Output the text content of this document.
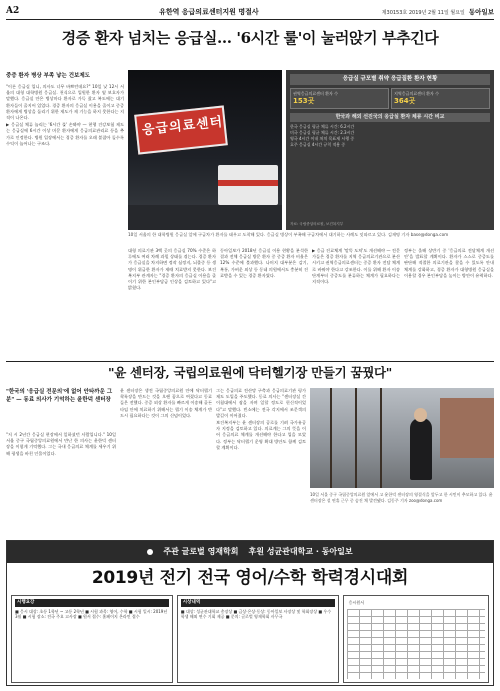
A2	유한역 응급의료센터지원 명절사	제30153호 2019년 2월 11일 월요일 동아일보
경증 환자 넘치는 응급실… '6시간 룰'이 눌러앉기 부추긴다
중증 환자 병상 부족 낳는 건보제도

"이른 응급실 입니, 의사도 너무 바쁘던데요?" 10일 낮 12시 서울의 대형 대학병원 응급실. 천식으로 입원한 환자 옆 보호자가 말했다. 응급실 안은 병상마다 환자로 가득 찼고 복도에는 대기 환자들이 줄지어 있었다. 경증 환자의 응급실 이용을 줄이고 중증 환자에게 병상을 돌리기 위한 제도가 제 기능을 하지 못한다는 지적이 나온다.

▶ 응급실 체류 늘리는 '6시간 룰' 손봐야 — 현행 건강보험 제도는 응급실에 6시간 이상 머문 환자에게 응급의료관리료 등을 추가로 인정한다. 병원 입장에서는 경증 환자를 오래 붙잡아 둘수록 수익이 늘어나는 구조다.

응급의료센터
응급실 규모별 취약 응급질환 환자 현황
권역응급의료센터 환자 수
153곳
지역응급의료센터 환자 수
364곳
한국과 해외 선진국의 응급실 환자 체류 시간 비교
한국 응급실 평균 체류 시간: 6.2시간
미국 응급실 평균 체류 시간: 2.3시간
영국 4시간 이내 처치 목표제 시행 중
호주 응급실 4시간 규칙 적용 중
자료: 국립중앙의료원, 보건복지부
10일 서울의 한 대학병원 응급실 앞에 구급차가 환자를 태우고 도착해 있다. 응급실 병상이 부족해 구급차에서 대기하는 사례도 잇따르고 있다. 김재명 기자 base@donga.com

대형 의료기관 3백 곳의 응급실 70% 수준은 하루에도 여러 차례 과밀 상태를 겪는다. 경증 환자가 응급실을 차지하면 정작 심정지, 뇌졸중 등 생명이 위급한 환자가 제때 치료받지 못한다. 보건복지부 관계자는 "경증 환자의 응급실 이용을 줄이기 위한 본인부담금 인상을 검토하고 있다"고 밝혔다.

동아일보가 2018년 응급실 이용 현황을 분석한 결과 전체 응급실 방문 환자 중 중증 환자 비율은 12% 수준에 불과했다. 나머지 대부분은 감기, 복통, 가벼운 외상 등 동네 의원에서도 충분히 진료받을 수 있는 경증 환자였다.

▶ 응급 진료체계 '말뚝 도처'도 개선해야 — 전문가들은 경증 환자를 지역 응급의료기관으로 분산시키고 권역응급의료센터는 중증 환자 전담 체계로 바꿔야 한다고 강조한다. 이를 위해 환자 이송 단계부터 중증도를 분류하는 체계가 필요하다는 지적이다.

정부는 올해 상반기 중 '응급의료 전달체계 개선안'을 발표할 계획이다. 환자가 스스로 중증도를 판단해 적절한 의료기관을 찾을 수 있도록 안내 체계를 강화하고, 경증 환자가 대형병원 응급실을 이용할 경우 본인부담을 높이는 방안이 유력하다.

"윤 센터장, 국립의료원에 닥터헬기장 만들기 꿈꿨다"
"한국의 '응급실 전문의'에 없어 안타까운 그분" — 동료 의사가 기억하는 윤한덕 센터장

"저 시 2년간 응급실 현장에서 일하셨던 사람입니다." 10일 서울 중구 국립중앙의료원에서 만난 한 의사는 윤한덕 센터장을 이렇게 기억했다. 그는 국내 응급의료 체계를 세우기 위해 평생을 바친 인물이었다.

윤 센터장은 생전 국립중앙의료원 안에 닥터헬기 착륙장을 만드는 것을 오랜 꿈으로 여겼다고 동료들은 전했다. 중증 외상 환자를 빠르게 이송해 골든타임 안에 치료하기 위해서는 헬기 이송 체계가 반드시 필요하다는 것이 그의 신념이었다.

그는 응급의료 전산망 구축과 응급의료기관 평가 제도 도입을 주도했다. 동료 의사는 "센터장실 간이침대에서 잠을 자며 일할 정도로 헌신적이었다"고 말했다. 빈소에는 전국 각지에서 조문객의 발길이 이어졌다.

보건복지부는 윤 센터장의 공로를 기려 국가유공자 지정을 검토하고 있다. 의료계는 그의 뜻을 이어 응급의료 체계를 개선해야 한다고 입을 모았다. 정부는 닥터헬기 운영 확대 방안도 함께 검토할 계획이다.

10일 서울 중구 국립중앙의료원 앞에서 고 윤한덕 센터장의 영결식을 앞두고 한 시민이 추모하고 있다. 윤 센터장은 설 연휴 근무 중 숨진 채 발견됐다. 김동주 기자 zoo@donga.com
주관 글로벌 영재학회 후원 성균관대학교 · 동아일보
2019년 전기 전국 영어/수학 학력경시대회
시행요강
■ 응시 대상: 초등 1학년 ~ 고등 2학년 ■ 시험 과목: 영어, 수학 ■ 시험 일시: 2019년 3월 ■ 시험 장소: 전국 주요 고사장 ■ 원서 접수: 홈페이지 온라인 접수
시상내역
■ 대상: 성균관대학교 총장상 ■ 금상·은상·동상: 동아일보 사장상 및 학회장상 ■ 우수 학생 해외 연수 기회 제공 ■ 문의: 글로벌 영재학회 사무국
응시원서
